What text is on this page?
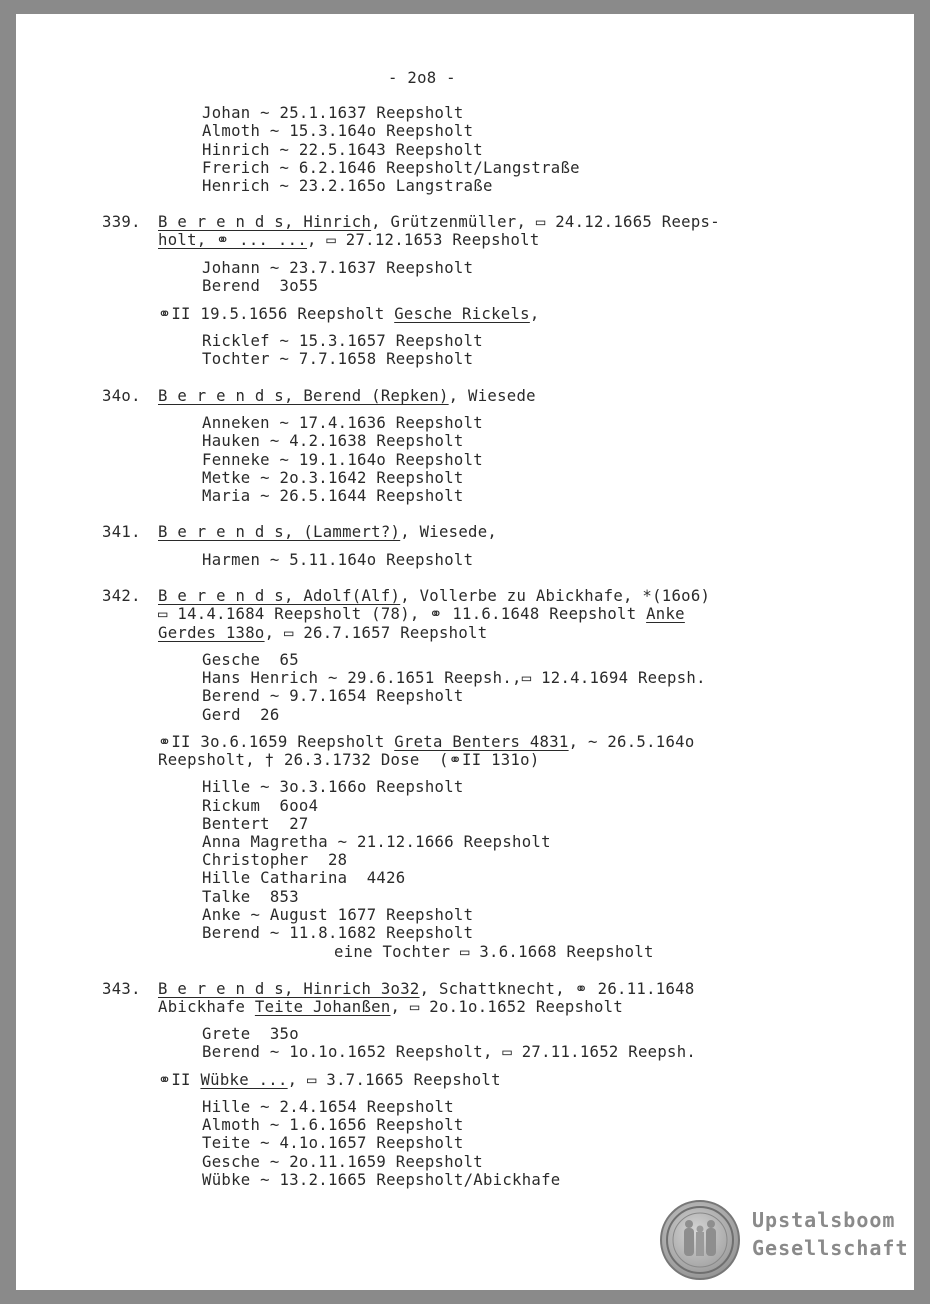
- 2o8 -
Johan ~ 25.1.1637 Reepsholt
Almoth ~ 15.3.164o Reepsholt
Hinrich ~ 22.5.1643 Reepsholt
Frerich ~ 6.2.1646 Reepsholt/Langstraße
Henrich ~ 23.2.165o Langstraße
339. B e r e n d s, Hinrich, Grützenmüller, ▭ 24.12.1665 Reeps-
holt, ⚭ ... ..., ▭ 27.12.1653 Reepsholt
Johann ~ 23.7.1637 Reepsholt
Berend  3o55
⚭II 19.5.1656 Reepsholt Gesche Rickels,
Ricklef ~ 15.3.1657 Reepsholt
Tochter ~ 7.7.1658 Reepsholt
34o. B e r e n d s, Berend (Repken), Wiesede
Anneken ~ 17.4.1636 Reepsholt
Hauken ~ 4.2.1638 Reepsholt
Fenneke ~ 19.1.164o Reepsholt
Metke ~ 2o.3.1642 Reepsholt
Maria ~ 26.5.1644 Reepsholt
341. B e r e n d s, (Lammert?), Wiesede,
Harmen ~ 5.11.164o Reepsholt
342. B e r e n d s, Adolf(Alf), Vollerbe zu Abickhafe, *(16o6)
▭ 14.4.1684 Reepsholt (78), ⚭ 11.6.1648 Reepsholt Anke
Gerdes 138o, ▭ 26.7.1657 Reepsholt
Gesche  65
Hans Henrich ~ 29.6.1651 Reepsh.,▭ 12.4.1694 Reepsh.
Berend ~ 9.7.1654 Reepsholt
Gerd  26
⚭II 3o.6.1659 Reepsholt Greta Benters 4831, ~ 26.5.164o
Reepsholt, † 26.3.1732 Dose  (⚭II 131o)
Hille ~ 3o.3.166o Reepsholt
Rickum  6oo4
Bentert  27
Anna Magretha ~ 21.12.1666 Reepsholt
Christopher  28
Hille Catharina  4426
Talke  853
Anke ~ August 1677 Reepsholt
Berend ~ 11.8.1682 Reepsholt
eine Tochter ▭ 3.6.1668 Reepsholt
343. B e r e n d s, Hinrich 3o32, Schattknecht, ⚭ 26.11.1648
Abickhafe Teite Johanßen, ▭ 2o.1o.1652 Reepsholt
Grete  35o
Berend ~ 1o.1o.1652 Reepsholt, ▭ 27.11.1652 Reepsh.
⚭II Wübke ..., ▭ 3.7.1665 Reepsholt
Hille ~ 2.4.1654 Reepsholt
Almoth ~ 1.6.1656 Reepsholt
Teite ~ 4.1o.1657 Reepsholt
Gesche ~ 2o.11.1659 Reepsholt
Wübke ~ 13.2.1665 Reepsholt/Abickhafe
Upstalsboom
Gesellschaft
